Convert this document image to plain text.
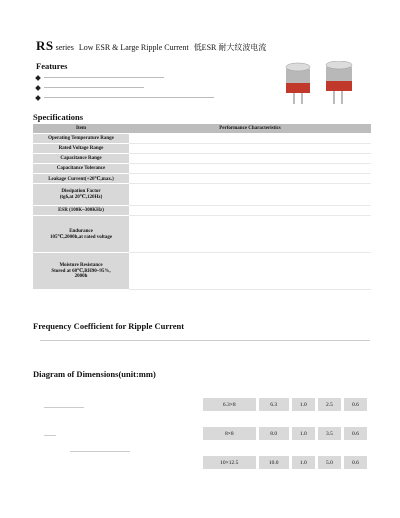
RS series Low ESR & Large Ripple Current 低ESR 耐大纹波电流
Features
Specifications
Item	Performance Characteristics
Operating Temperature Range	
Rated Voltage Range	
Capacitance Range	
Capacitance Tolerance	
Leakage Current(+20℃,max.)	

Dissipation Factor
(tgδ,at 20℃,120Hz)	

ESR (100K~300KHz)	

Endurance
105℃,2000h,at rated voltage	

Moisture Resistance
Stored at 60℃,RH90~95%,
2000h	

Frequency Coefficient for Ripple Current
Diagram of Dimensions(unit:mm)
6.3×8	6.3	1.0	2.5	0.6

8×8	8.0	1.0	3.5	0.6

10×12.5	10.0	1.0	5.0	0.6
